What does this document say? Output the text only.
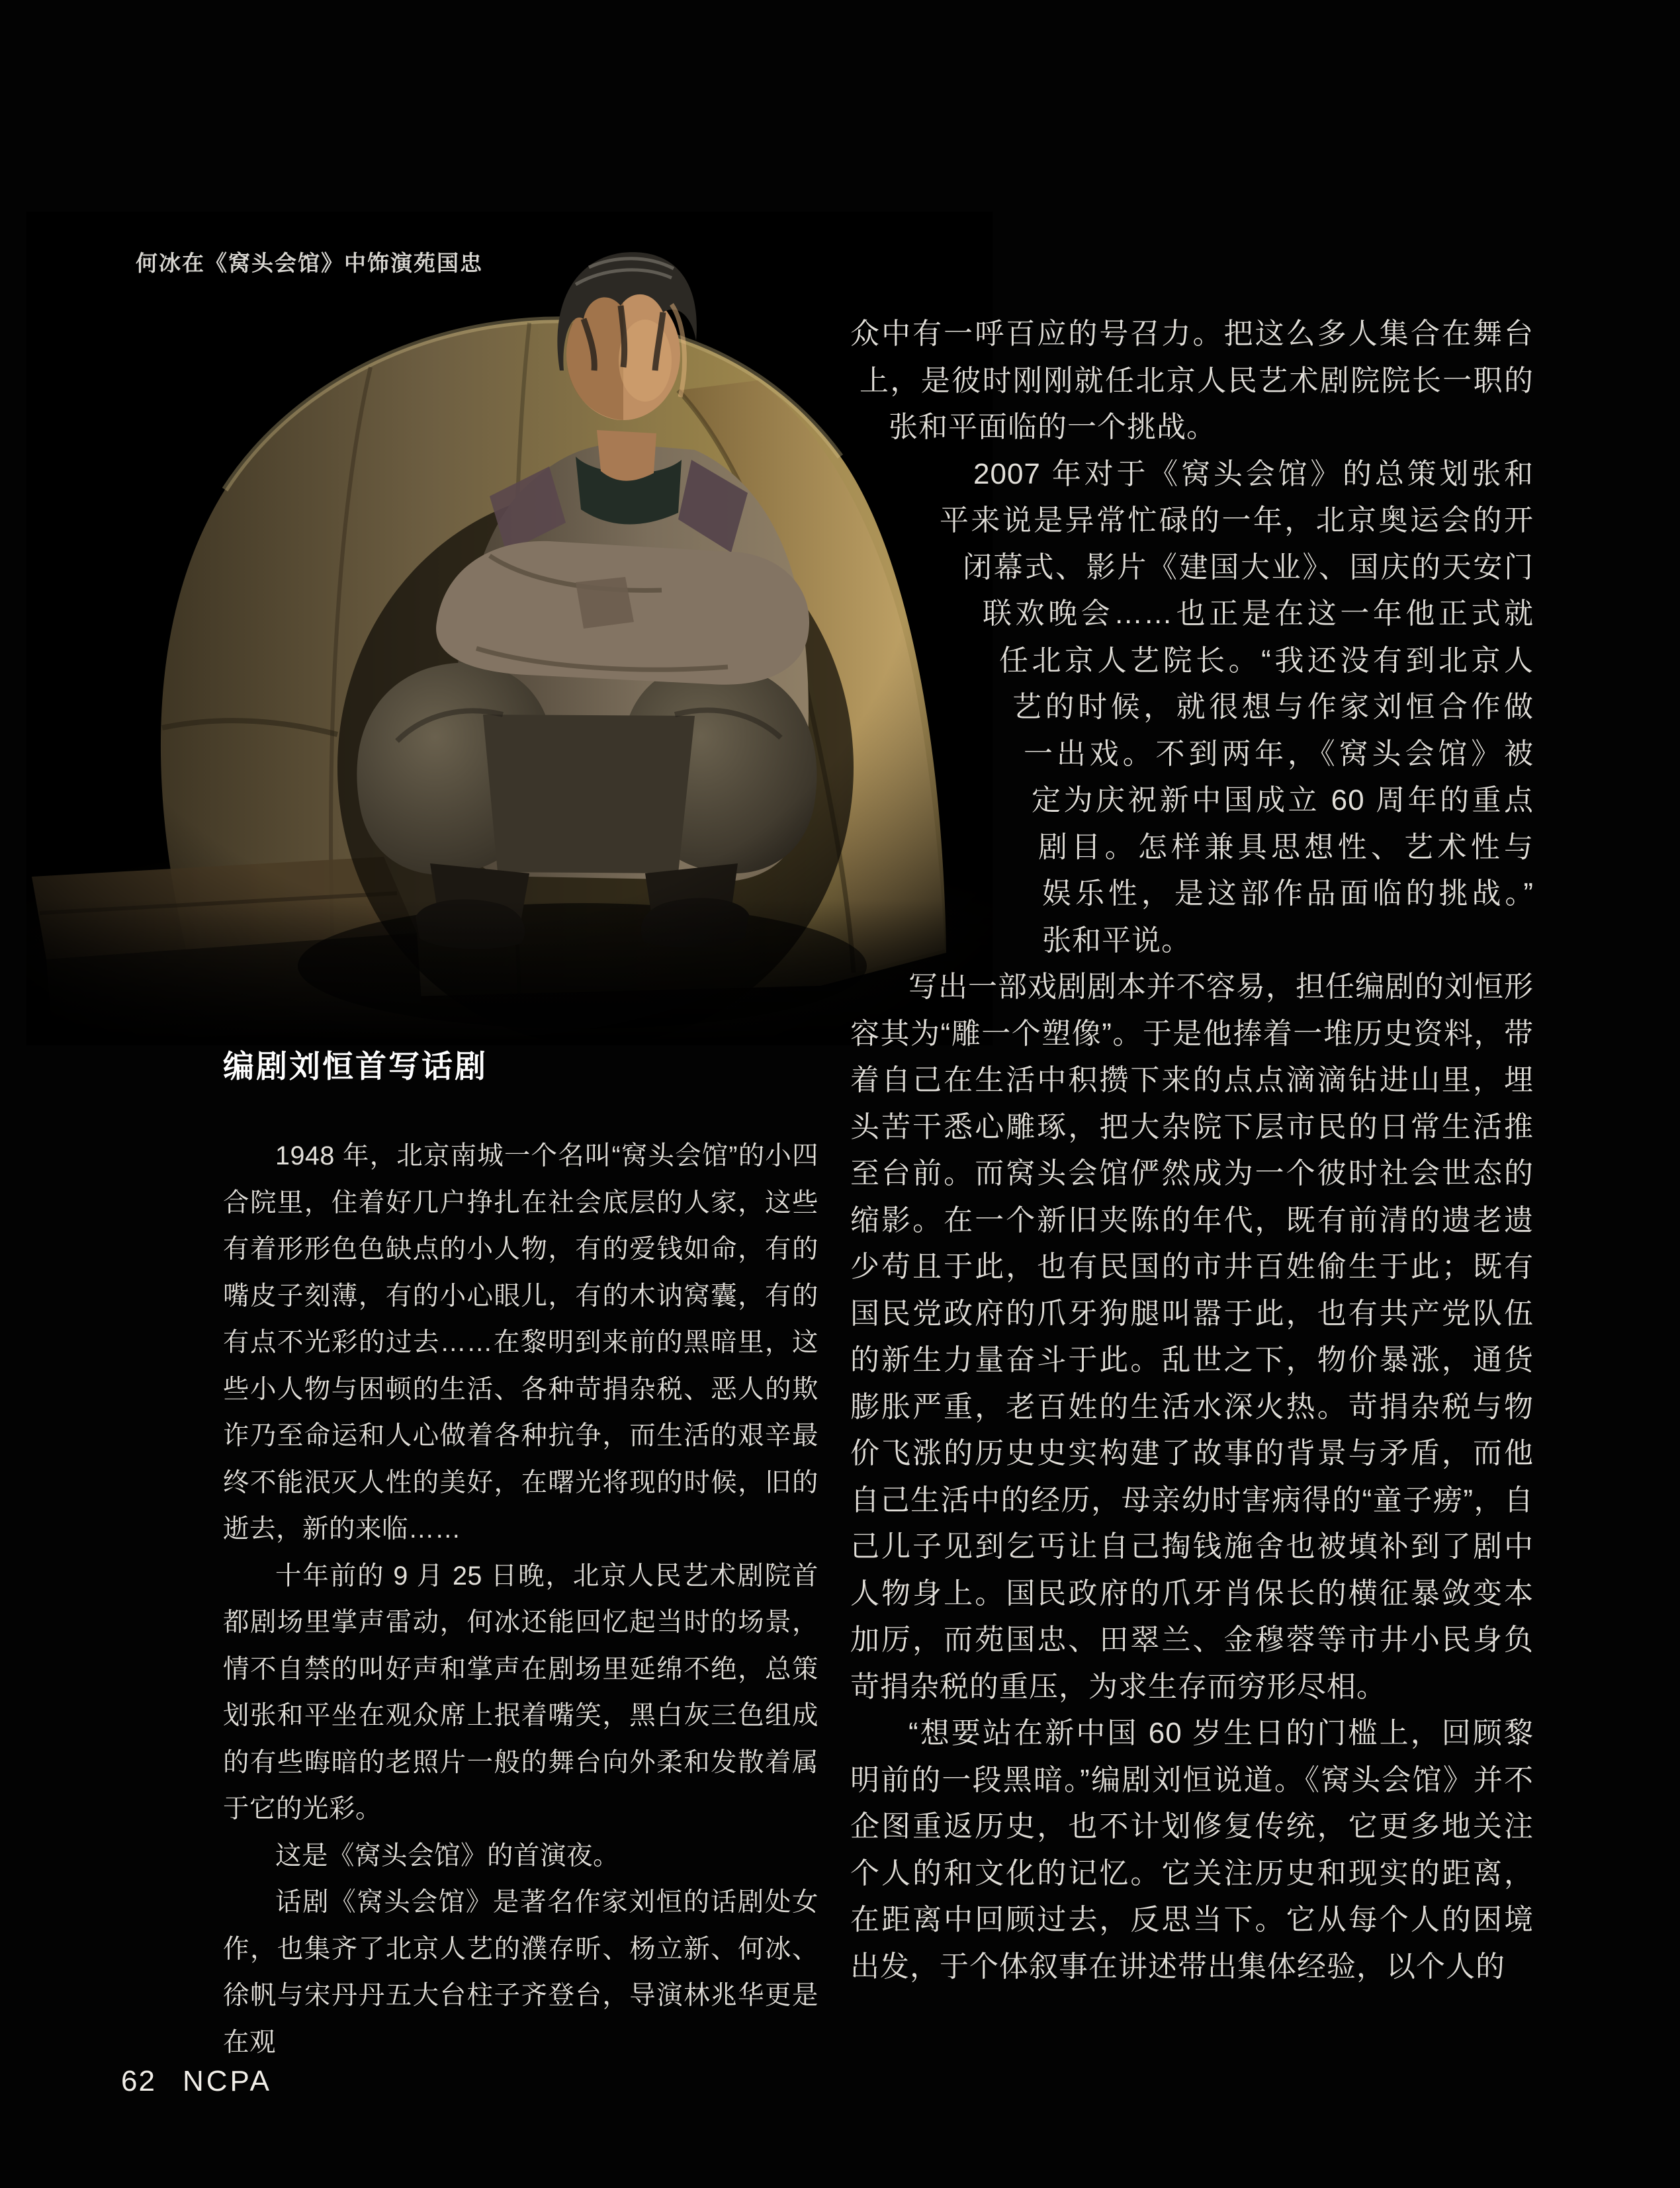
何冰在《窝头会馆》中饰演苑国忠
编剧刘恒首写话剧

1948 年，北京南城一个名叫“窝头会馆”的小四合院里，住着好几户挣扎在社会底层的人家，这些有着形形色色缺点的小人物，有的爱钱如命，有的嘴皮子刻薄，有的小心眼儿，有的木讷窝囊，有的有点不光彩的过去……在黎明到来前的黑暗里，这些小人物与困顿的生活、各种苛捐杂税、恶人的欺诈乃至命运和人心做着各种抗争，而生活的艰辛最终不能泯灭人性的美好，在曙光将现的时候，旧的逝去，新的来临……

十年前的 9 月 25 日晚，北京人民艺术剧院首都剧场里掌声雷动，何冰还能回忆起当时的场景，情不自禁的叫好声和掌声在剧场里延绵不绝，总策划张和平坐在观众席上抿着嘴笑，黑白灰三色组成的有些晦暗的老照片一般的舞台向外柔和发散着属于它的光彩。

这是《窝头会馆》的首演夜。

话剧《窝头会馆》是著名作家刘恒的话剧处女作，也集齐了北京人艺的濮存昕、杨立新、何冰、徐帆与宋丹丹五大台柱子齐登台，导演林兆华更是在观

众中有一呼百应的号召力。把这么多人集合在舞台
上，是彼时刚刚就任北京人民艺术剧院院长一职的
张和平面临的一个挑战。
2007 年对于《窝头会馆》的总策划张和
平来说是异常忙碌的一年，北京奥运会的开
闭幕式、影片《建国大业》、国庆的天安门
联欢晚会……也正是在这一年他正式就
任北京人艺院长。“我还没有到北京人
艺的时候，就很想与作家刘恒合作做
一出戏。不到两年，《窝头会馆》被
定为庆祝新中国成立 60 周年的重点
剧目。怎样兼具思想性、艺术性与
娱乐性，是这部作品面临的挑战。”
张和平说。

写出一部戏剧剧本并不容易，担任编剧的刘恒形容其为“雕一个塑像”。于是他捧着一堆历史资料，带着自己在生活中积攒下来的点点滴滴钻进山里，埋头苦干悉心雕琢，把大杂院下层市民的日常生活推至台前。而窝头会馆俨然成为一个彼时社会世态的缩影。在一个新旧夹陈的年代，既有前清的遗老遗少苟且于此，也有民国的市井百姓偷生于此；既有国民党政府的爪牙狗腿叫嚣于此，也有共产党队伍的新生力量奋斗于此。乱世之下，物价暴涨，通货膨胀严重，老百姓的生活水深火热。苛捐杂税与物价飞涨的历史史实构建了故事的背景与矛盾，而他自己生活中的经历，母亲幼时害病得的“童子痨”，自己儿子见到乞丐让自己掏钱施舍也被填补到了剧中人物身上。国民政府的爪牙肖保长的横征暴敛变本加厉，而苑国忠、田翠兰、金穆蓉等市井小民身负苛捐杂税的重压，为求生存而穷形尽相。

“想要站在新中国 60 岁生日的门槛上，回顾黎明前的一段黑暗。”编剧刘恒说道。《窝头会馆》并不企图重返历史，也不计划修复传统，它更多地关注个人的和文化的记忆。它关注历史和现实的距离，在距离中回顾过去，反思当下。它从每个人的困境出发，于个体叙事在讲述带出集体经验，以个人的

62 NCPA
